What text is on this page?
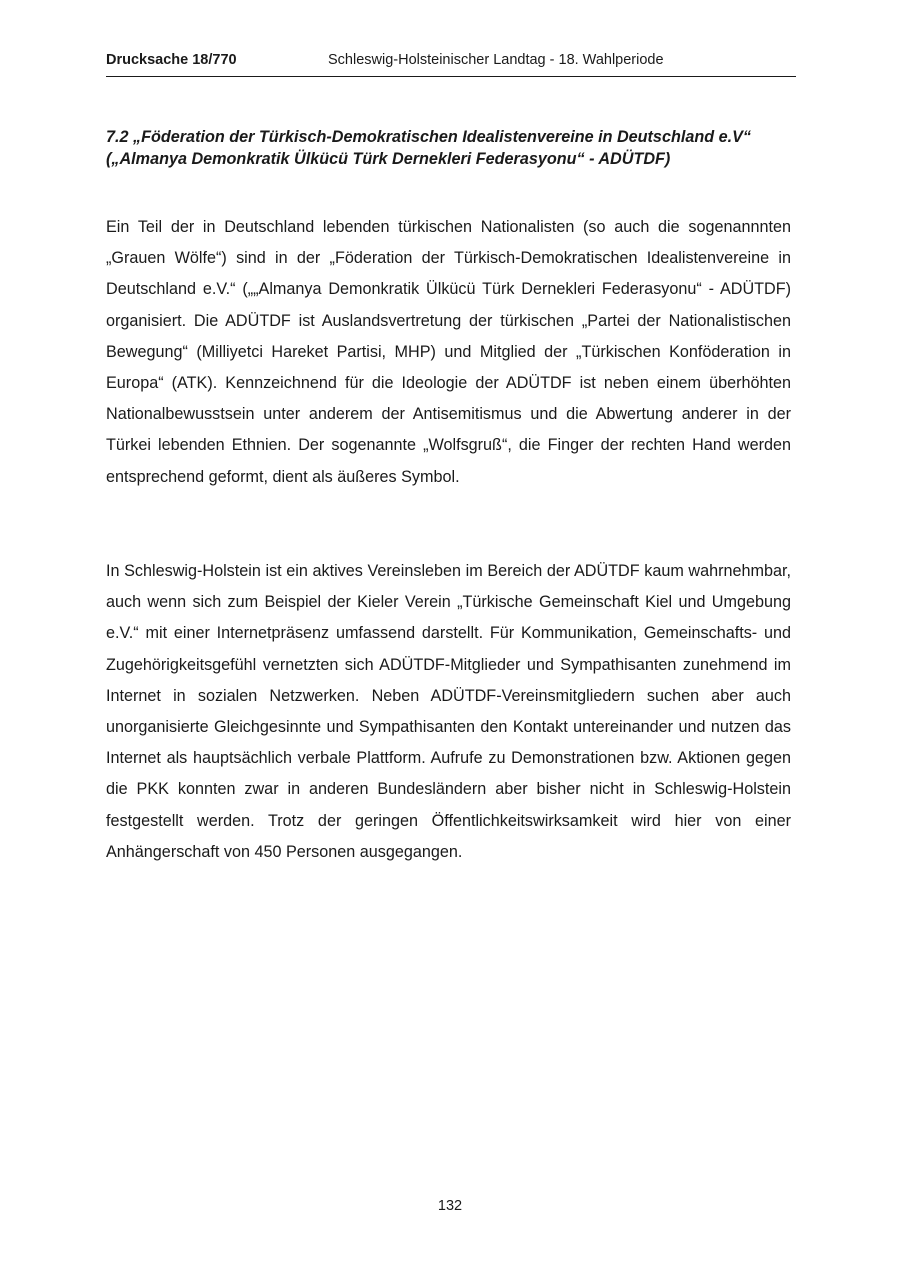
Drucksache 18/770	Schleswig-Holsteinischer Landtag - 18. Wahlperiode
7.2 „Föderation der Türkisch-Demokratischen Idealistenvereine in Deutschland e.V“ („Almanya Demonkratik Ülkücü Türk Dernekleri Federasyonu“ - ADÜTDF)

Ein Teil der in Deutschland lebenden türkischen Nationalisten (so auch die sogenannnten „Grauen Wölfe“) sind in der „Föderation der Türkisch-Demokratischen Idealistenvereine in Deutschland e.V.“ („„Almanya Demonkratik Ülkücü Türk Dernekleri Federasyonu“ - ADÜTDF) organisiert. Die ADÜTDF ist Auslandsvertretung der türkischen „Partei der Nationalistischen Bewegung“ (Milliyetci Hareket Partisi, MHP) und Mitglied der „Türkischen Konföderation in Europa“ (ATK). Kennzeichnend für die Ideologie der ADÜTDF ist neben einem überhöhten Nationalbewusstsein unter anderem der Antisemitismus und die Abwertung anderer in der Türkei lebenden Ethnien. Der sogenannte „Wolfsgruß“, die Finger der rechten Hand werden entsprechend geformt, dient als äußeres Symbol.

In Schleswig-Holstein ist ein aktives Vereinsleben im Bereich der ADÜTDF kaum wahrnehmbar, auch wenn sich zum Beispiel der Kieler Verein „Türkische Gemeinschaft Kiel und Umgebung e.V.“ mit einer Internetpräsenz umfassend darstellt. Für Kommunikation, Gemeinschafts- und Zugehörigkeitsgefühl vernetzten sich ADÜTDF-Mitglieder und Sympathisanten zunehmend im Internet in sozialen Netzwerken. Neben ADÜTDF-Vereinsmitgliedern suchen aber auch unorganisierte Gleichgesinnte und Sympathisanten den Kontakt untereinander und nutzen das Internet als hauptsächlich verbale Plattform. Aufrufe zu Demonstrationen bzw. Aktionen gegen die PKK konnten zwar in anderen Bundesländern aber bisher nicht in Schleswig-Holstein festgestellt werden. Trotz der geringen Öffentlichkeitswirksamkeit wird hier von einer Anhängerschaft von 450 Personen ausgegangen.

132
